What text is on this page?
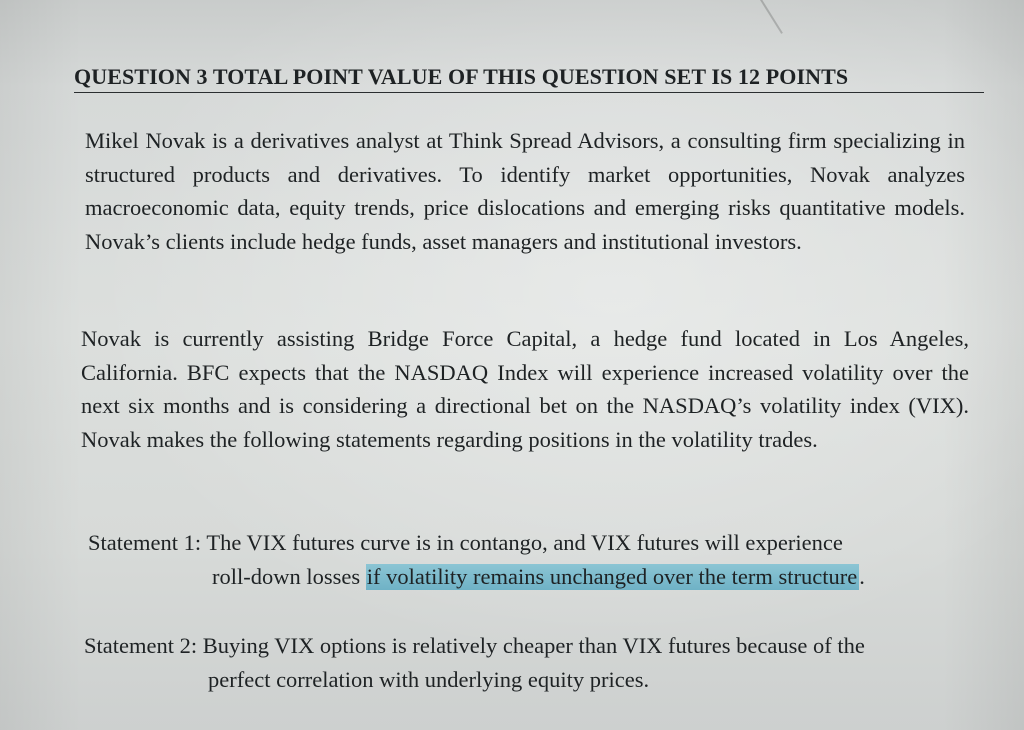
QUESTION 3 TOTAL POINT VALUE OF THIS QUESTION SET IS 12 POINTS

Mikel Novak is a derivatives analyst at Think Spread Advisors, a consulting firm specializing in structured products and derivatives. To identify market opportunities, Novak analyzes macroeconomic data, equity trends, price dislocations and emerging risks quantitative models. Novak’s clients include hedge funds, asset managers and institutional investors.

Novak is currently assisting Bridge Force Capital, a hedge fund located in Los Angeles, California. BFC expects that the NASDAQ Index will experience increased volatility over the next six months and is considering a directional bet on the NASDAQ’s volatility index (VIX). Novak makes the following statements regarding positions in the volatility trades.

Statement 1: The VIX futures curve is in contango, and VIX futures will experience
roll-down losses if volatility remains unchanged over the term structure.
Statement 2: Buying VIX options is relatively cheaper than VIX futures because of the
perfect correlation with underlying equity prices.
